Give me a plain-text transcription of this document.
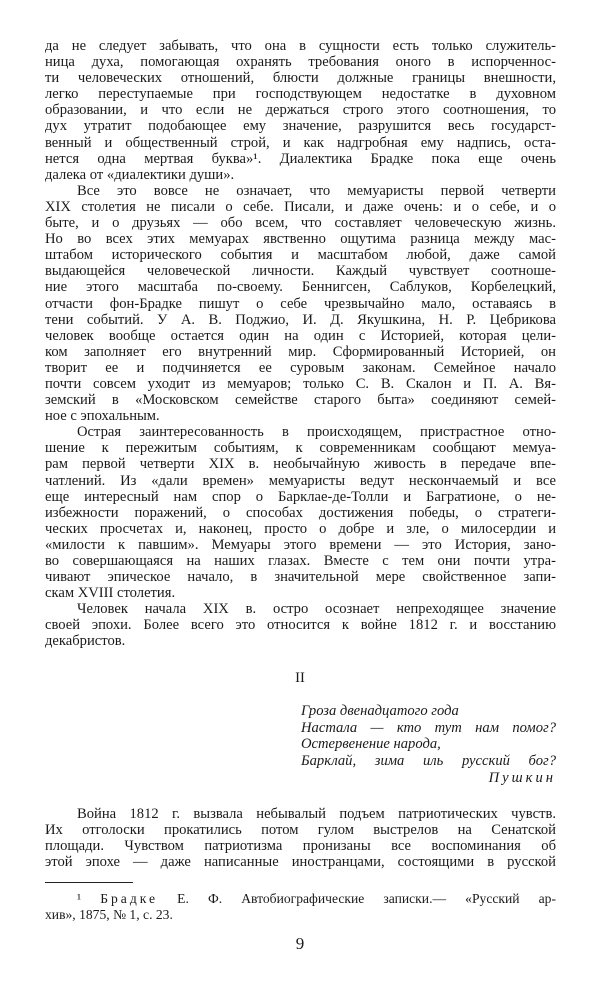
да не следует забывать, что она в сущности есть только служитель-
ница духа, помогающая охранять требования оного в испорченнос-
ти человеческих отношений, блюсти должные границы внешности,
легко переступаемые при господствующем недостатке в духовном
образовании, и что если не держаться строго этого соотношения, то
дух утратит подобающее ему значение, разрушится весь государст-
венный и общественный строй, и как надгробная ему надпись, оста-
нется одна мертвая буква»¹. Диалектика Брадке пока еще очень
далека от «диалектики души».
Все это вовсе не означает, что мемуаристы первой четверти
XIX столетия не писали о себе. Писали, и даже очень: и о себе, и о
быте, и о друзьях — обо всем, что составляет человеческую жизнь.
Но во всех этих мемуарах явственно ощутима разница между мас-
штабом исторического события и масштабом любой, даже самой
выдающейся человеческой личности. Каждый чувствует соотноше-
ние этого масштаба по-своему. Беннигсен, Саблуков, Корбелецкий,
отчасти фон-Брадке пишут о себе чрезвычайно мало, оставаясь в
тени событий. У А. В. Поджио, И. Д. Якушкина, Н. Р. Цебрикова
человек вообще остается один на один с Историей, которая цели-
ком заполняет его внутренний мир. Сформированный Историей, он
творит ее и подчиняется ее суровым законам. Семейное начало
почти совсем уходит из мемуаров; только С. В. Скалон и П. А. Вя-
земский в «Московском семействе старого быта» соединяют семей-
ное с эпохальным.
Острая заинтересованность в происходящем, пристрастное отно-
шение к пережитым событиям, к современникам сообщают мемуа-
рам первой четверти XIX в. необычайную живость в передаче впе-
чатлений. Из «дали времен» мемуаристы ведут нескончаемый и все
еще интересный нам спор о Барклае-де-Толли и Багратионе, о не-
избежности поражений, о способах достижения победы, о стратеги-
ческих просчетах и, наконец, просто о добре и зле, о милосердии и
«милости к павшим». Мемуары этого времени — это История, зано-
во совершающаяся на наших глазах. Вместе с тем они почти утра-
чивают эпическое начало, в значительной мере свойственное запи-
скам XVIII столетия.
Человек начала XIX в. остро осознает непреходящее значение
своей эпохи. Более всего это относится к войне 1812 г. и восстанию
декабристов.
II
Гроза двенадцатого года
Настала — кто тут нам помог?
Остервенение народа,
Барклай, зима иль русский бог?
Пушкин
Война 1812 г. вызвала небывалый подъем патриотических чувств.
Их отголоски прокатились потом гулом выстрелов на Сенатской
площади. Чувством патриотизма пронизаны все воспоминания об
этой эпохе — даже написанные иностранцами, состоящими в русской
¹ Брадке Е. Ф. Автобиографические записки.— «Русский ар-
хив», 1875, № 1, с. 23.
9
